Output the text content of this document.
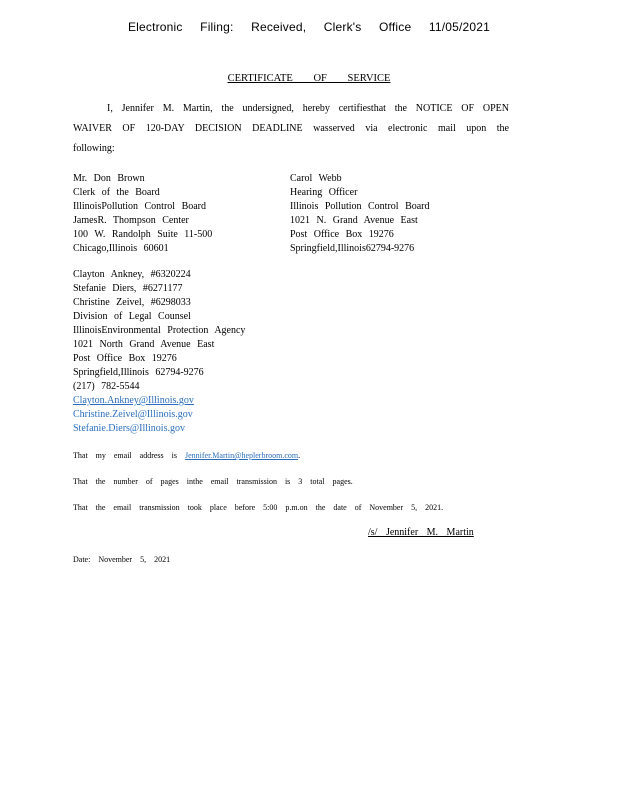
Electronic Filing: Received, Clerk's Office 11/05/2021
CERTIFICATE OF SERVICE
I, Jennifer M. Martin, the undersigned, hereby certifiesthat the NOTICE OF OPEN WAIVER OF 120-DAY DECISION DEADLINE wasserved via electronic mail upon the following:
Mr. Don Brown
Clerk of the Board
IllinoisPollution Control Board
JamesR. Thompson Center
100 W. Randolph Suite 11-500
Chicago,Illinois 60601
Carol Webb
Hearing Officer
Illinois Pollution Control Board
1021 N. Grand Avenue East
Post Office Box 19276
Springfield,Illinois62794-9276
Clayton Ankney, #6320224
Stefanie Diers, #6271177
Christine Zeivel, #6298033
Division of Legal Counsel
IllinoisEnvironmental Protection Agency
1021 North Grand Avenue East
Post Office Box 19276
Springfield,Illinois 62794-9276
(217) 782-5544
Clayton.Ankney@Illinois.gov
Christine.Zeivel@Illinois.gov
Stefanie.Diers@Illinois.gov
That my email address is Jennifer.Martin@heplerbroom.com.
That the number of pages inthe email transmission is 3 total pages.
That the email transmission took place before 5:00 p.m.on the date of November 5, 2021.
/s/ Jennifer M. Martin
Date: November 5, 2021
